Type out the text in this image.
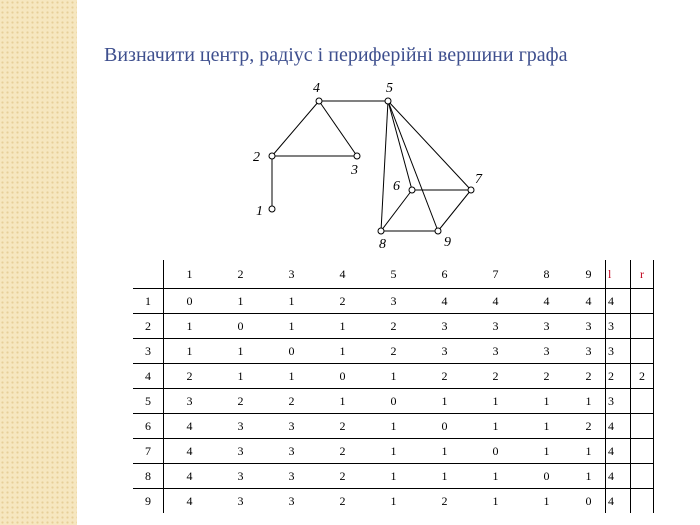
Визначити центр, радіус і периферійні вершини графа
1
2
3
4	5
6	7
8	9
	1	2	3	4	5	6	7	8	9	l	r
1	0	1	1	2	3	4	4	4	4	4	
2	1	0	1	1	2	3	3	3	3	3	
3	1	1	0	1	2	3	3	3	3	3	
4	2	1	1	0	1	2	2	2	2	2	2
5	3	2	2	1	0	1	1	1	1	3	
6	4	3	3	2	1	0	1	1	2	4	
7	4	3	3	2	1	1	0	1	1	4	
8	4	3	3	2	1	1	1	0	1	4	
9	4	3	3	2	1	2	1	1	0	4	
